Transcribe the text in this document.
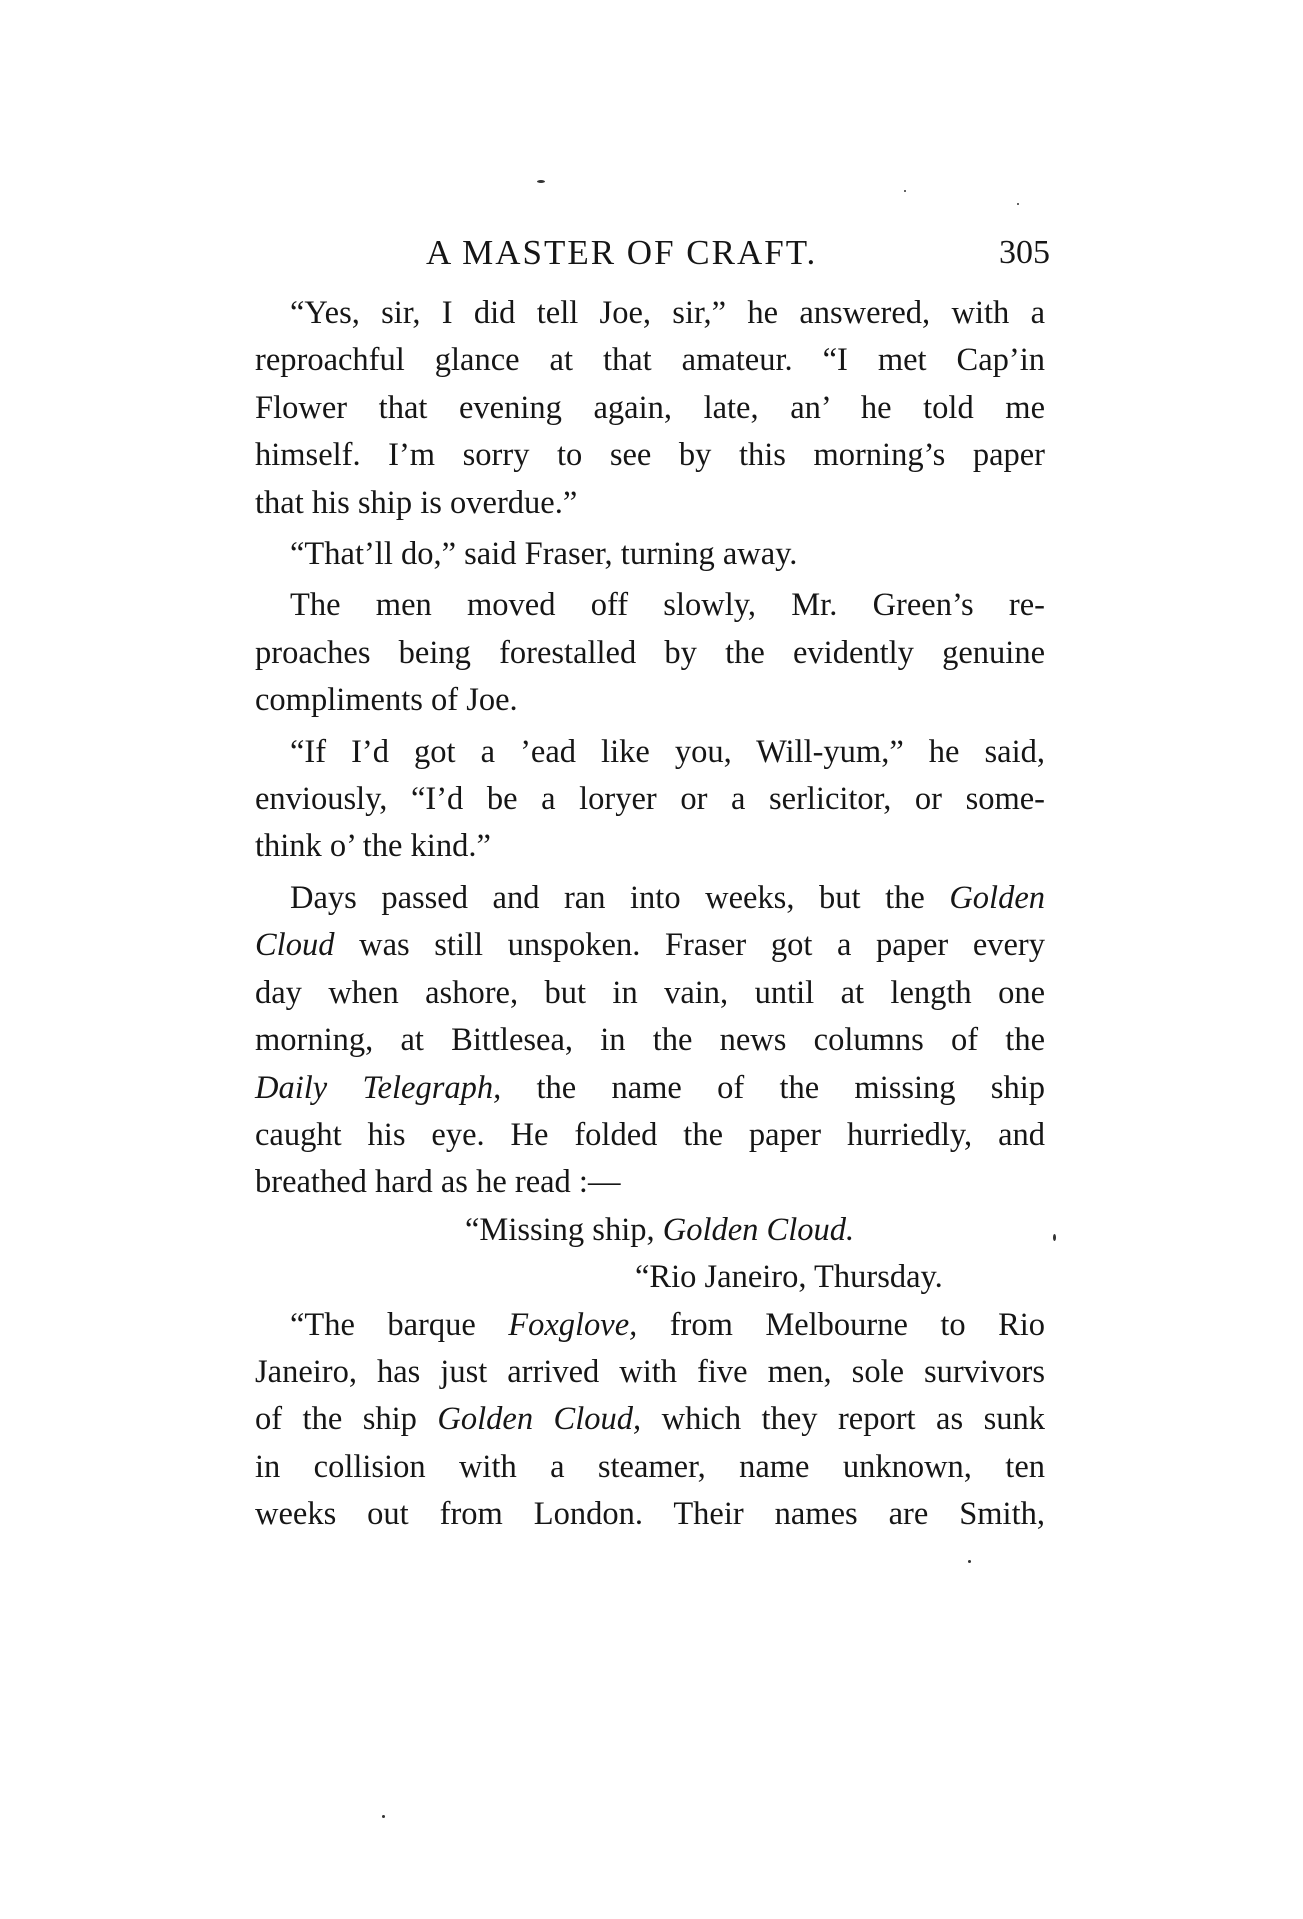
A MASTER OF CRAFT.	305

“Yes, sir, I did tell Joe, sir,” he answered, with a
reproachful glance at that amateur. “I met Cap’in
Flower that evening again, late, an’ he told me
himself. I’m sorry to see by this morning’s paper
that his ship is overdue.”

“That’ll do,” said Fraser, turning away.

The men moved off slowly, Mr. Green’s re-
proaches being forestalled by the evidently genuine
compliments of Joe.

“If I’d got a ’ead like you, Will-yum,” he said,
enviously, “I’d be a loryer or a serlicitor, or some-
think o’ the kind.”

Days passed and ran into weeks, but the Golden
Cloud was still unspoken. Fraser got a paper every
day when ashore, but in vain, until at length one
morning, at Bittlesea, in the news columns of the
Daily Telegraph, the name of the missing ship
caught his eye. He folded the paper hurriedly, and
breathed hard as he read :—

“Missing ship, Golden Cloud.
“Rio Janeiro, Thursday.

“The barque Foxglove, from Melbourne to Rio
Janeiro, has just arrived with five men, sole survivors
of the ship Golden Cloud, which they report as sunk
in collision with a steamer, name unknown, ten
weeks out from London. Their names are Smith,
